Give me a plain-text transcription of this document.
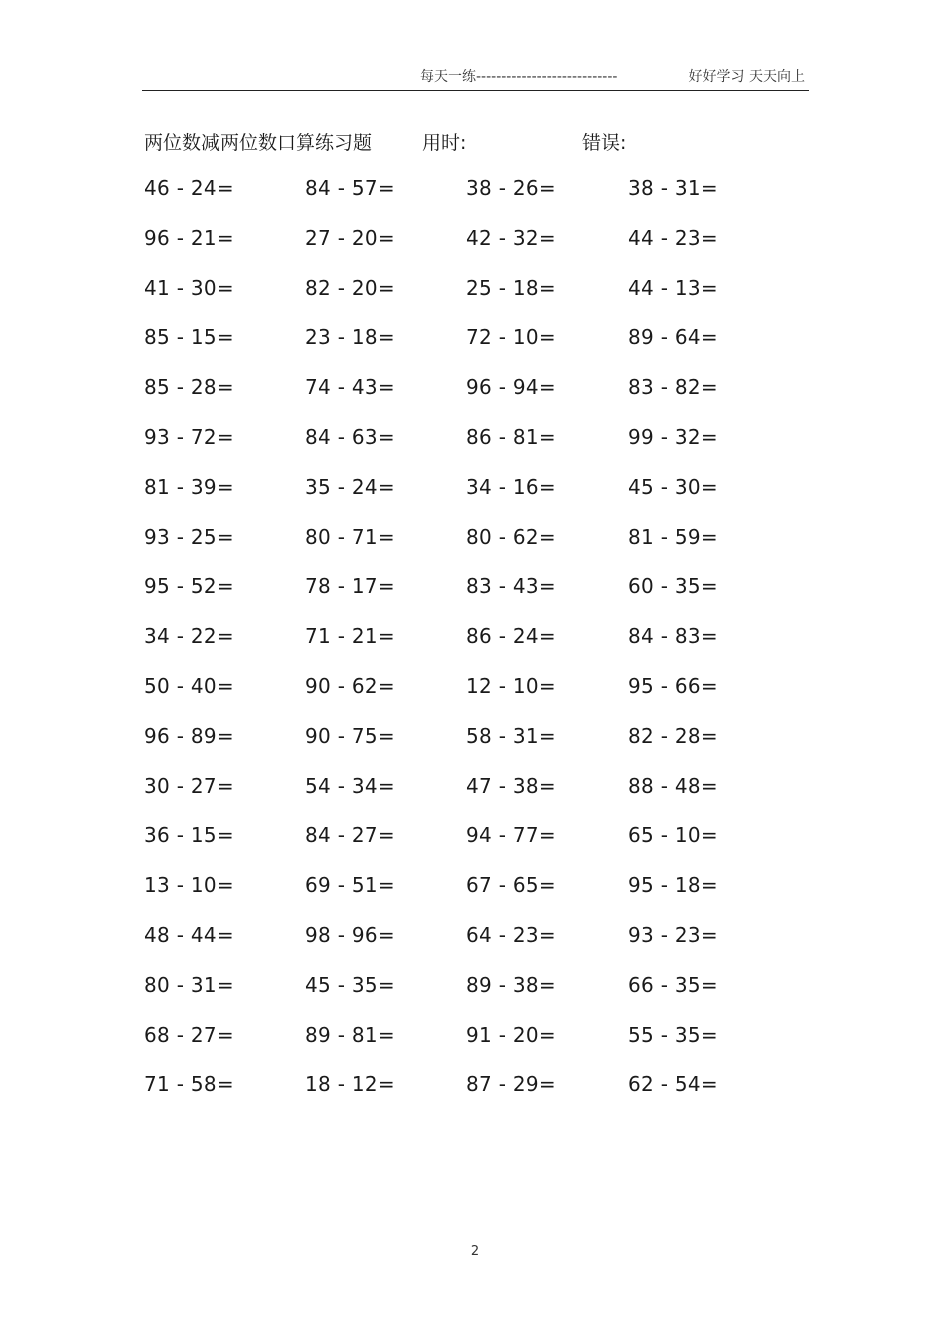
每天一练----------------------------	好好学习 天天向上
两位数减两位数口算练习题	用时:	错误:
46 - 24=	84 - 57=	38 - 26=	38 - 31=
96 - 21=	27 - 20=	42 - 32=	44 - 23=
41 - 30=	82 - 20=	25 - 18=	44 - 13=
85 - 15=	23 - 18=	72 - 10=	89 - 64=
85 - 28=	74 - 43=	96 - 94=	83 - 82=
93 - 72=	84 - 63=	86 - 81=	99 - 32=
81 - 39=	35 - 24=	34 - 16=	45 - 30=
93 - 25=	80 - 71=	80 - 62=	81 - 59=
95 - 52=	78 - 17=	83 - 43=	60 - 35=
34 - 22=	71 - 21=	86 - 24=	84 - 83=
50 - 40=	90 - 62=	12 - 10=	95 - 66=
96 - 89=	90 - 75=	58 - 31=	82 - 28=
30 - 27=	54 - 34=	47 - 38=	88 - 48=
36 - 15=	84 - 27=	94 - 77=	65 - 10=
13 - 10=	69 - 51=	67 - 65=	95 - 18=
48 - 44=	98 - 96=	64 - 23=	93 - 23=
80 - 31=	45 - 35=	89 - 38=	66 - 35=
68 - 27=	89 - 81=	91 - 20=	55 - 35=
71 - 58=	18 - 12=	87 - 29=	62 - 54=
2
